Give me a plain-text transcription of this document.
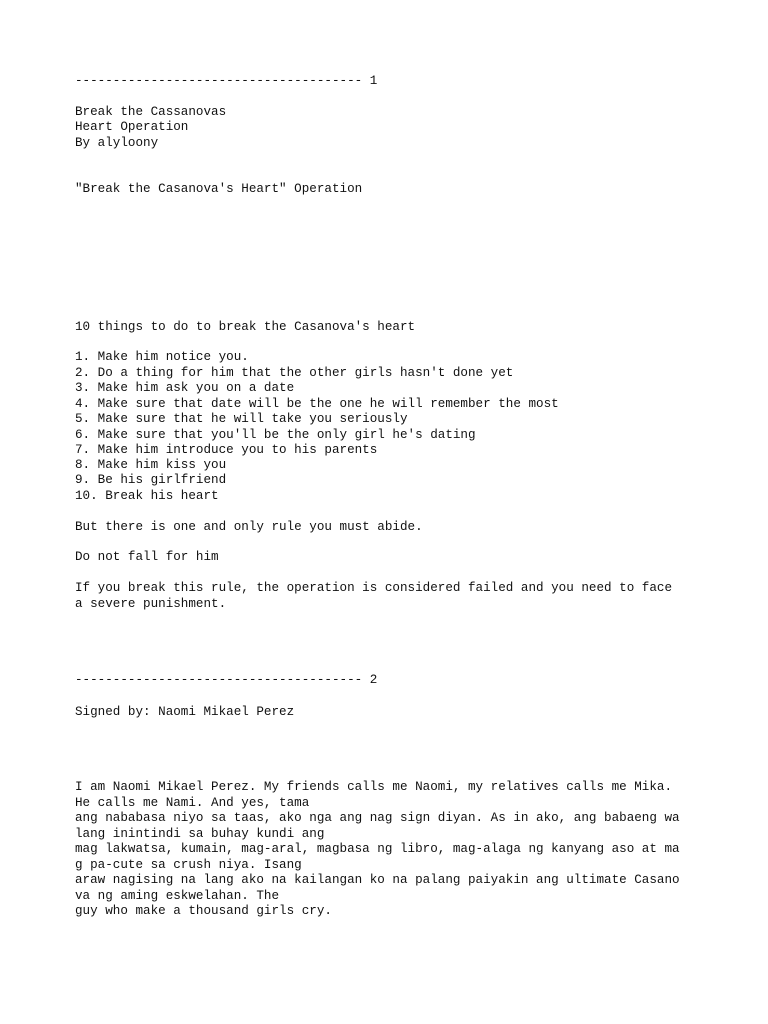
-------------------------------------- 1

Break the Cassanovas

Heart Operation

By alyloony

"Break the Casanova's Heart" Operation

10 things to do to break the Casanova's heart

1. Make him notice you.

2. Do a thing for him that the other girls hasn't done yet

3. Make him ask you on a date

4. Make sure that date will be the one he will remember the most

5. Make sure that he will take you seriously

6. Make sure that you'll be the only girl he's dating

7. Make him introduce you to his parents

8. Make him kiss you

9. Be his girlfriend

10. Break his heart

But there is one and only rule you must abide.

Do not fall for him

If you break this rule, the operation is considered failed and you need to face

a severe punishment.

-------------------------------------- 2

Signed by: Naomi Mikael Perez

I am Naomi Mikael Perez. My friends calls me Naomi, my relatives calls me Mika.

He calls me Nami. And yes, tama

ang nababasa niyo sa taas, ako nga ang nag sign diyan. As in ako, ang babaeng wa

lang inintindi sa buhay kundi ang

mag lakwatsa, kumain, mag-aral, magbasa ng libro, mag-alaga ng kanyang aso at ma

g pa-cute sa crush niya. Isang

araw nagising na lang ako na kailangan ko na palang paiyakin ang ultimate Casano

va ng aming eskwelahan. The

guy who make a thousand girls cry.
